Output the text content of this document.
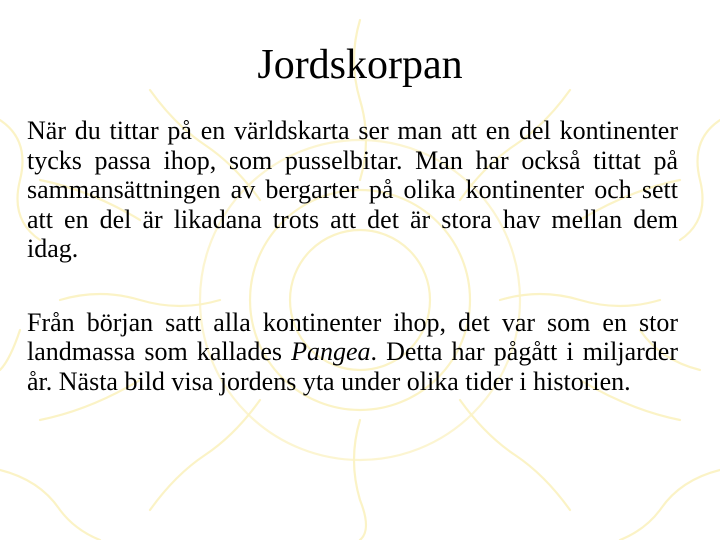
Jordskorpan

När du tittar på en världskarta ser man att en del kontinenter tycks passa ihop, som pusselbitar. Man har också tittat på sammansättningen av bergarter på olika kontinenter och sett att en del är likadana trots att det är stora hav mellan dem idag.

Från början satt alla kontinenter ihop, det var som en stor landmassa som kallades Pangea. Detta har pågått i miljarder år. Nästa bild visa jordens yta under olika tider i historien.
